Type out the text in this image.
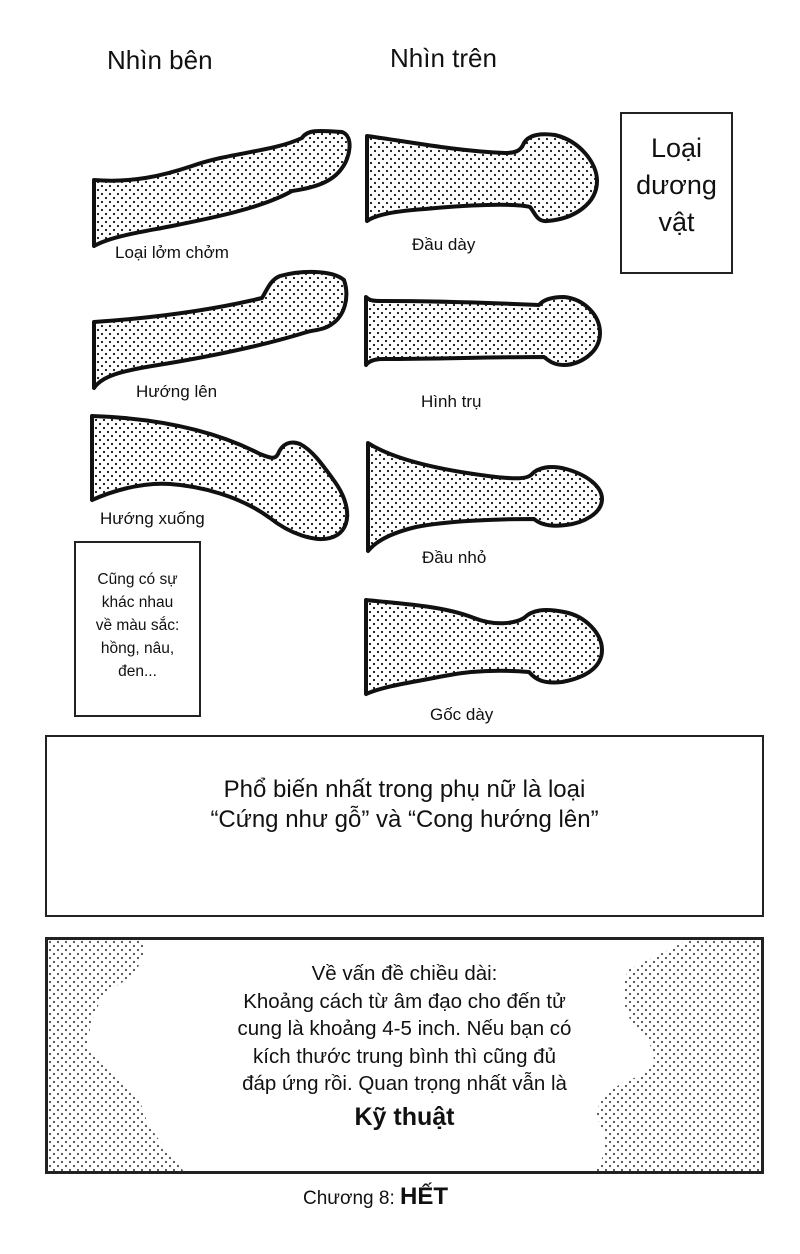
Nhìn bên	Nhìn trên
Loại
dương
vật
Loại lởm chởm
Hướng lên
Hướng xuống
Cũng có sự
khác nhau
về màu sắc:
hồng, nâu,
đen...
Đầu dày
Hình trụ
Đầu nhỏ
Gốc dày
Phổ biến nhất trong phụ nữ là loại
“Cứng như gỗ” và “Cong hướng lên”
Về vấn đề chiều dài:
Khoảng cách từ âm đạo cho đến tử
cung là khoảng 4-5 inch. Nếu bạn có
kích thước trung bình thì cũng đủ
đáp ứng rồi. Quan trọng nhất vẫn là
Kỹ thuật
Chương 8: HẾT
